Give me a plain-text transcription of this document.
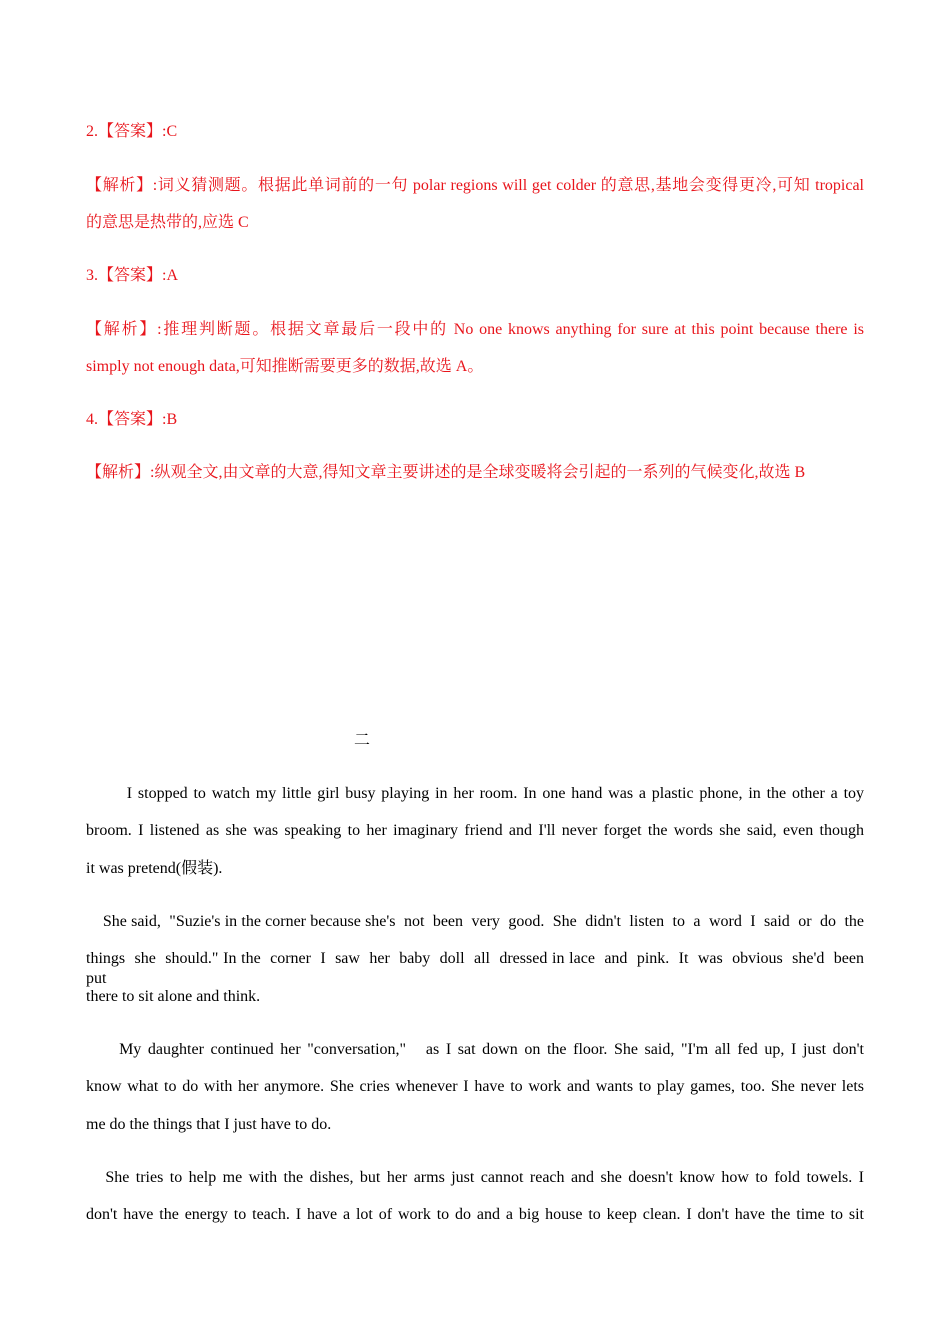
2.【答案】:C
【解析】:词义猜测题。根据此单词前的一句 polar regions will get colder 的意思,基地会变得更冷,可知 tropical
的意思是热带的,应选 C
3.【答案】:A
【解析】:推理判断题。根据文章最后一段中的 No one knows anything for sure at this point because there is
simply not enough data,可知推断需要更多的数据,故选 A。
4.【答案】:B
【解析】:纵观全文,由文章的大意,得知文章主要讲述的是全球变暖将会引起的一系列的气候变化,故选 B
二
I stopped to watch my little girl busy playing in her room. In one hand was a plastic phone, in the other a toy
broom. I listened as she was speaking to her imaginary friend and I'll never forget the words she said, even though
it was pretend(假装).
She said,  "Suzie's in the corner because she's  not  been  very  good.  She  didn't  listen  to  a  word  I  said  or  do  the
things  she  should." In the  corner  I  saw  her  baby  doll  all  dressed in lace  and  pink.  It  was  obvious  she'd  been  put
there to sit alone and think.
My daughter continued her "conversation,"   as I sat down on the floor. She said, "I'm all fed up, I just don't
know what to do with her anymore. She cries whenever I have to work and wants to play games, too. She never lets
me do the things that I just have to do.
She tries to help me with the dishes, but her arms just cannot reach and she doesn't know how to fold towels. I
don't have the energy to teach. I have a lot of work to do and a big house to keep clean. I don't have the time to sit
